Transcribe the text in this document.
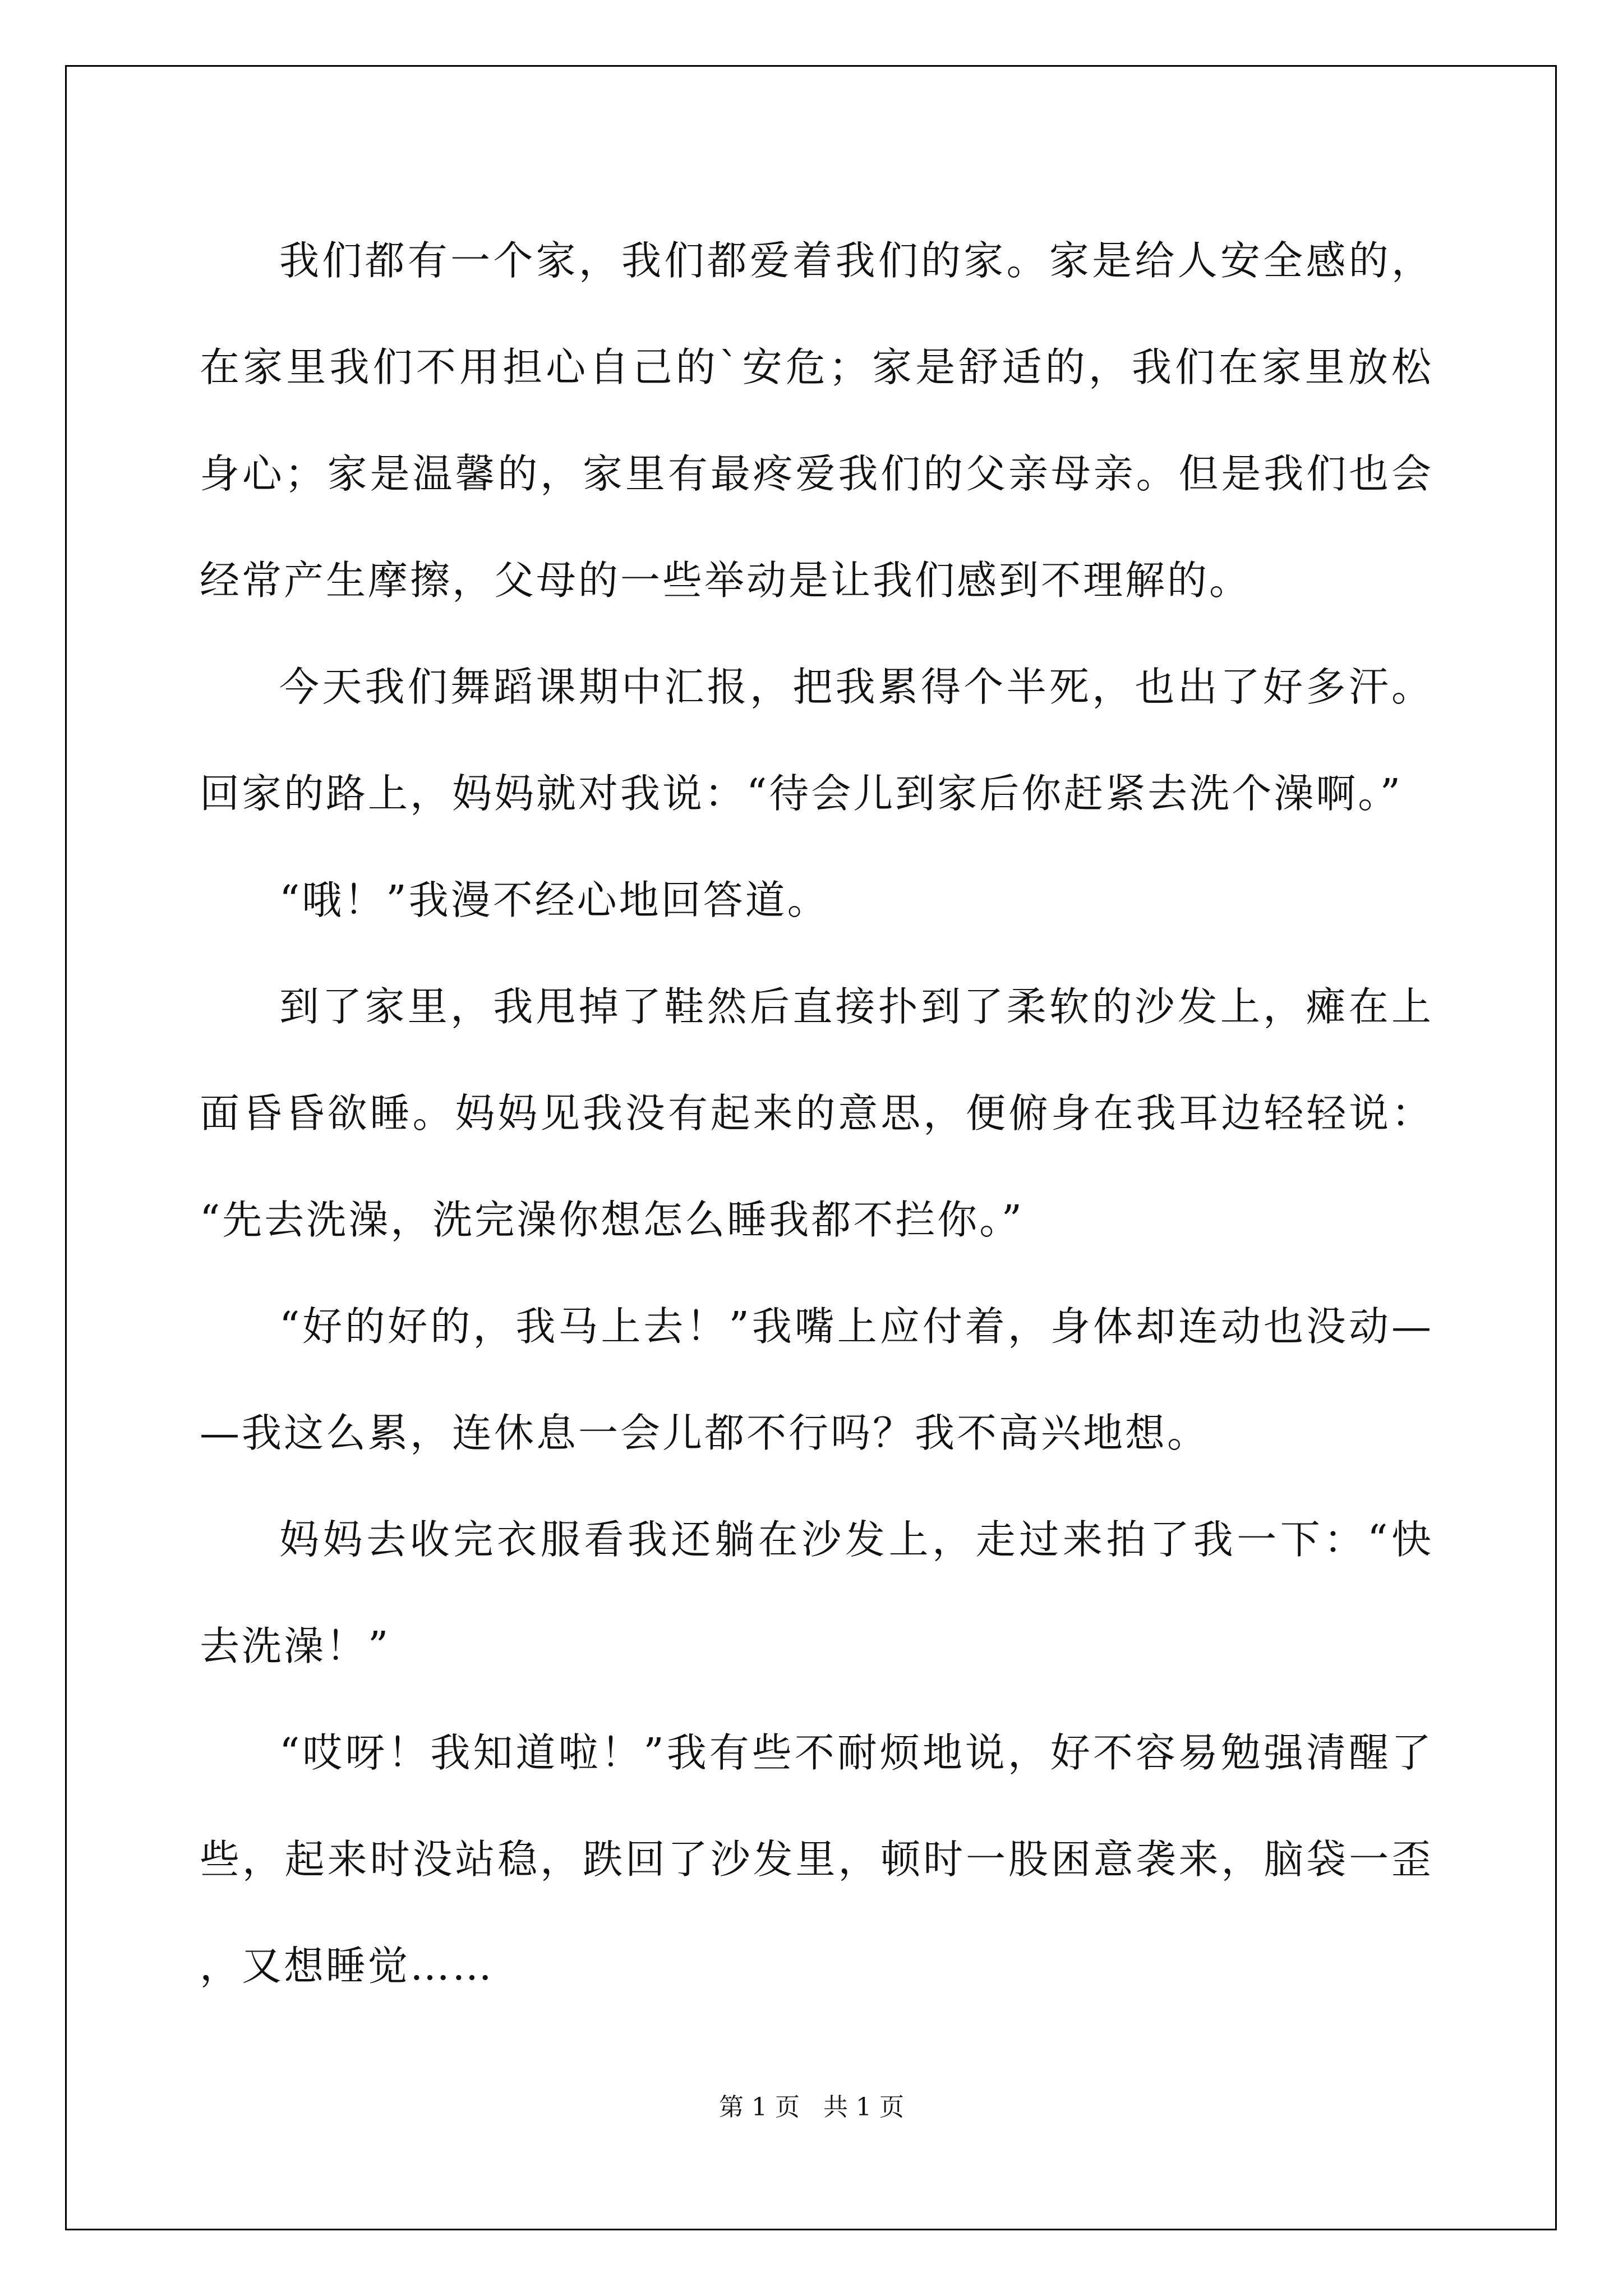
我们都有一个家，我们都爱着我们的家。家是给人安全感的，在家里我们不用担心自己的`安危；家是舒适的，我们在家里放松身心；家是温馨的，家里有最疼爱我们的父亲母亲。但是我们也会经常产生摩擦，父母的一些举动是让我们感到不理解的。

今天我们舞蹈课期中汇报，把我累得个半死，也出了好多汗。回家的路上，妈妈就对我说：“待会儿到家后你赶紧去洗个澡啊。”

“哦！”我漫不经心地回答道。

到了家里，我甩掉了鞋然后直接扑到了柔软的沙发上，瘫在上面昏昏欲睡。妈妈见我没有起来的意思，便俯身在我耳边轻轻说：“先去洗澡，洗完澡你想怎么睡我都不拦你。”

“好的好的，我马上去！”我嘴上应付着，身体却连动也没动——我这么累，连休息一会儿都不行吗？我不高兴地想。

妈妈去收完衣服看我还躺在沙发上，走过来拍了我一下：“快去洗澡！”

“哎呀！我知道啦！”我有些不耐烦地说，好不容易勉强清醒了些，起来时没站稳，跌回了沙发里，顿时一股困意袭来，脑袋一歪，又想睡觉……

第 1 页   共 1 页
